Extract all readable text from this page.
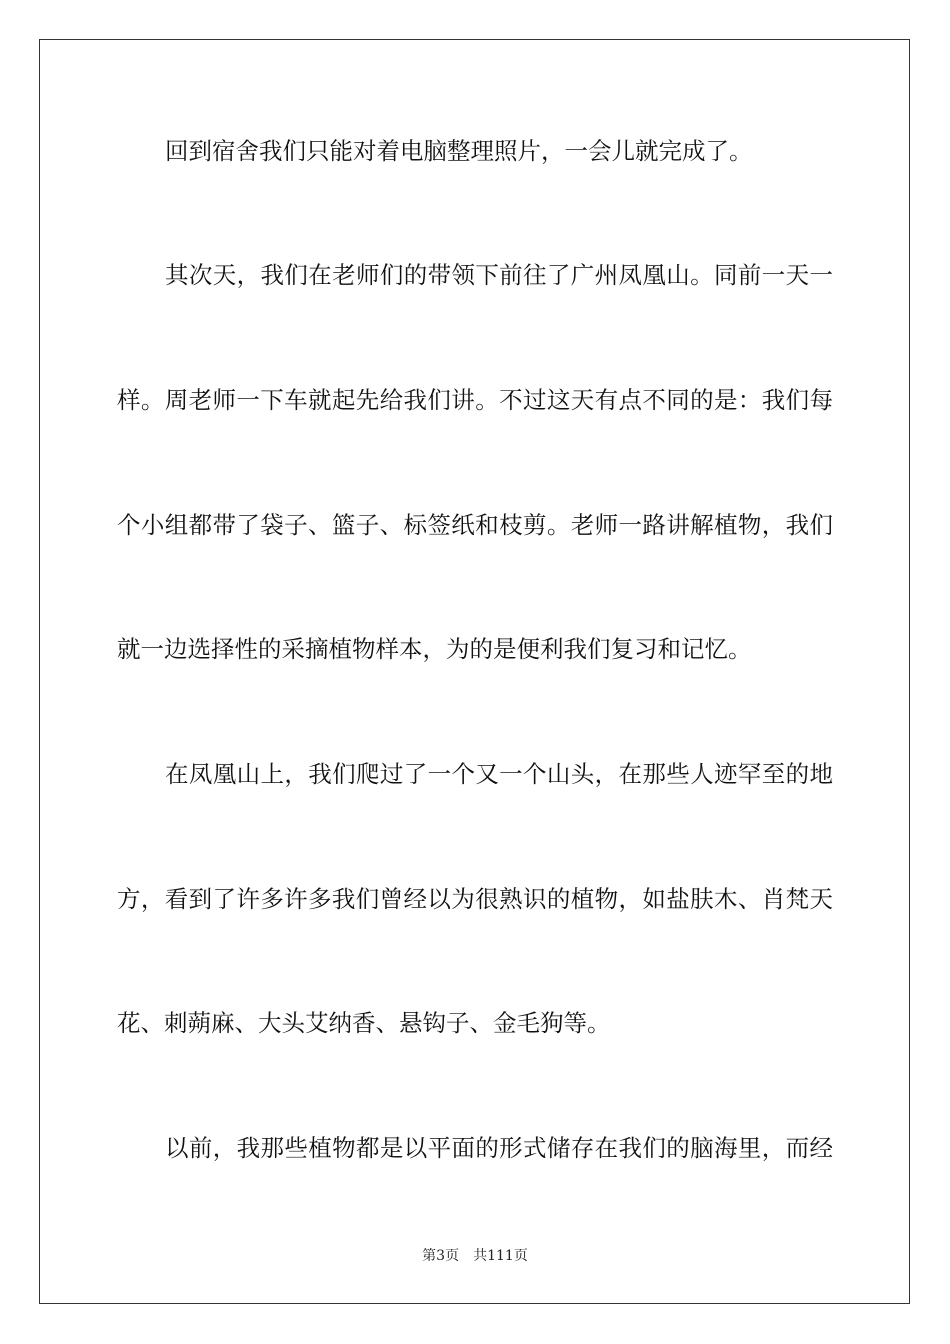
回到宿舍我们只能对着电脑整理照片，一会儿就完成了。
其次天，我们在老师们的带领下前往了广州凤凰山。同前一天一
样。周老师一下车就起先给我们讲。不过这天有点不同的是：我们每
个小组都带了袋子、篮子、标签纸和枝剪。老师一路讲解植物，我们
就一边选择性的采摘植物样本，为的是便利我们复习和记忆。
在凤凰山上，我们爬过了一个又一个山头，在那些人迹罕至的地
方，看到了许多许多我们曾经以为很熟识的植物，如盐肤木、肖梵天
花、刺蒴麻、大头艾纳香、悬钩子、金毛狗等。
以前，我那些植物都是以平面的形式储存在我们的脑海里，而经
第3页 共111页
